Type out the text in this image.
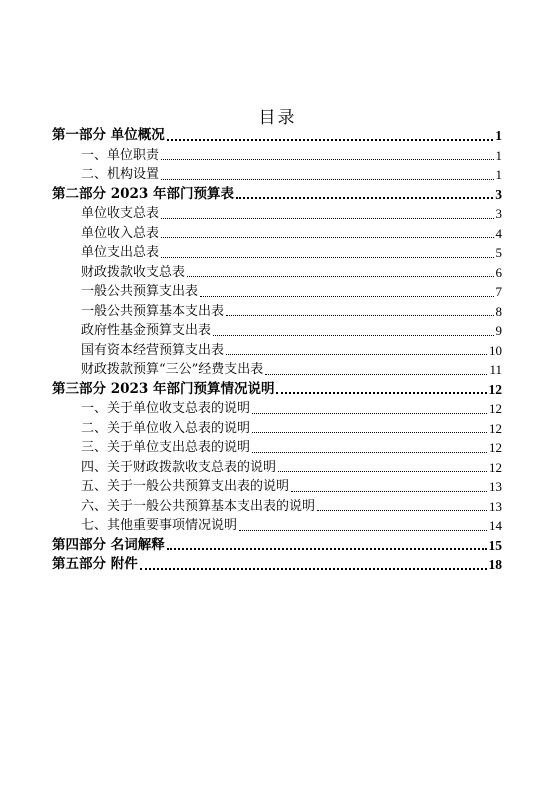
目录
第一部分 单位概况	1
一、单位职责	1
二、机构设置	1
第二部分 2023 年部门预算表	3
单位收支总表	3
单位收入总表	4
单位支出总表	5
财政拨款收支总表	6
一般公共预算支出表	7
一般公共预算基本支出表	8
政府性基金预算支出表	9
国有资本经营预算支出表	10
财政拨款预算“三公”经费支出表	11
第三部分 2023 年部门预算情况说明	12
一、关于单位收支总表的说明	12
二、关于单位收入总表的说明	12
三、关于单位支出总表的说明	12
四、关于财政拨款收支总表的说明	12
五、关于一般公共预算支出表的说明	13
六、关于一般公共预算基本支出表的说明	13
七、其他重要事项情况说明	14
第四部分 名词解释	15
第五部分 附件	18
